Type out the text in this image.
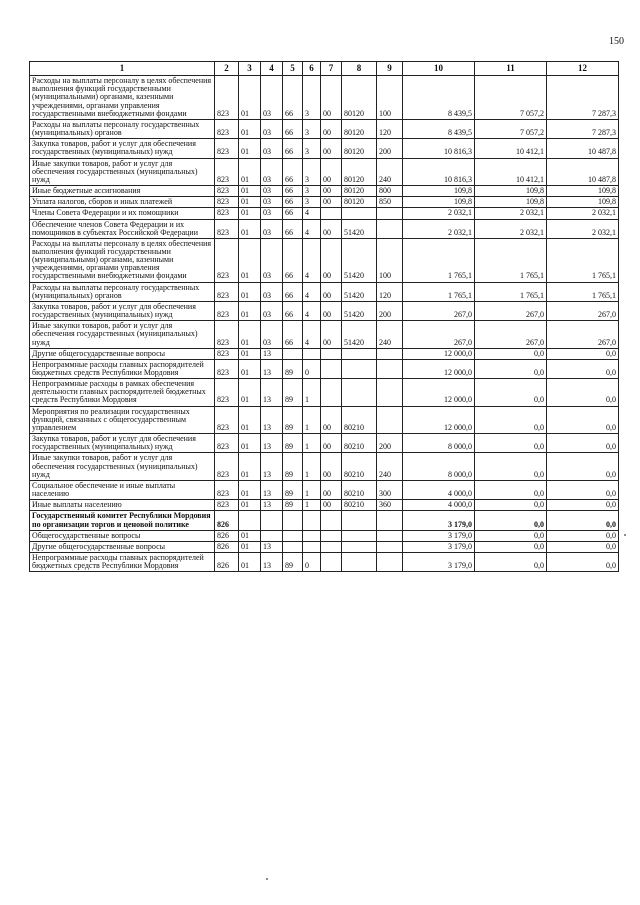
150
1	2	3	4	5	6	7	8	9	10	11	12
Расходы на выплаты персоналу в целях обеспечения выполнения функций государственными (муниципальными) органами, казенными учреждениями, органами управления государственными внебюджетными фондами	823	01	03	66	3	00	80120	100	8 439,5	7 057,2	7 287,3
Расходы на выплаты персоналу государственных (муниципальных) органов	823	01	03	66	3	00	80120	120	8 439,5	7 057,2	7 287,3
Закупка товаров, работ и услуг для обеспечения государственных (муниципальных) нужд	823	01	03	66	3	00	80120	200	10 816,3	10 412,1	10 487,8
Иные закупки товаров, работ и услуг для обеспечения государственных (муниципальных) нужд	823	01	03	66	3	00	80120	240	10 816,3	10 412,1	10 487,8
Иные бюджетные ассигнования	823	01	03	66	3	00	80120	800	109,8	109,8	109,8
Уплата налогов, сборов и иных платежей	823	01	03	66	3	00	80120	850	109,8	109,8	109,8
Члены Совета Федерации и их помощники	823	01	03	66	4				2 032,1	2 032,1	2 032,1
Обеспечение членов Совета Федерации и их помощников в субъектах Российской Федерации	823	01	03	66	4	00	51420		2 032,1	2 032,1	2 032,1
Расходы на выплаты персоналу в целях обеспечения выполнения функций государственными (муниципальными) органами, казенными учреждениями, органами управления государственными внебюджетными фондами	823	01	03	66	4	00	51420	100	1 765,1	1 765,1	1 765,1
Расходы на выплаты персоналу государственных (муниципальных) органов	823	01	03	66	4	00	51420	120	1 765,1	1 765,1	1 765,1
Закупка товаров, работ и услуг для обеспечения государственных (муниципальных) нужд	823	01	03	66	4	00	51420	200	267,0	267,0	267,0
Иные закупки товаров, работ и услуг для обеспечения государственных (муниципальных) нужд	823	01	03	66	4	00	51420	240	267,0	267,0	267,0
Другие общегосударственные вопросы	823	01	13						12 000,0	0,0	0,0
Непрограммные расходы главных распорядителей бюджетных средств Республики Мордовия	823	01	13	89	0				12 000,0	0,0	0,0
Непрограммные расходы в рамках обеспечения деятельности главных распорядителей бюджетных средств Республики Мордовия	823	01	13	89	1				12 000,0	0,0	0,0
Мероприятия по реализации государственных функций, связанных с общегосударственным управлением	823	01	13	89	1	00	80210		12 000,0	0,0	0,0
Закупка товаров, работ и услуг для обеспечения государственных (муниципальных) нужд	823	01	13	89	1	00	80210	200	8 000,0	0,0	0,0
Иные закупки товаров, работ и услуг для обеспечения государственных (муниципальных) нужд	823	01	13	89	1	00	80210	240	8 000,0	0,0	0,0
Социальное обеспечение и иные выплаты населению	823	01	13	89	1	00	80210	300	4 000,0	0,0	0,0
Иные выплаты населению	823	01	13	89	1	00	80210	360	4 000,0	0,0	0,0
Государственный комитет Республики Мордовия по организации торгов и ценовой политике	826								3 179,0	0,0	0,0
Общегосударственные вопросы	826	01							3 179,0	0,0	0,0
Другие общегосударственные вопросы	826	01	13						3 179,0	0,0	0,0
Непрограммные расходы главных распорядителей бюджетных средств Республики Мордовия	826	01	13	89	0				3 179,0	0,0	0,0
